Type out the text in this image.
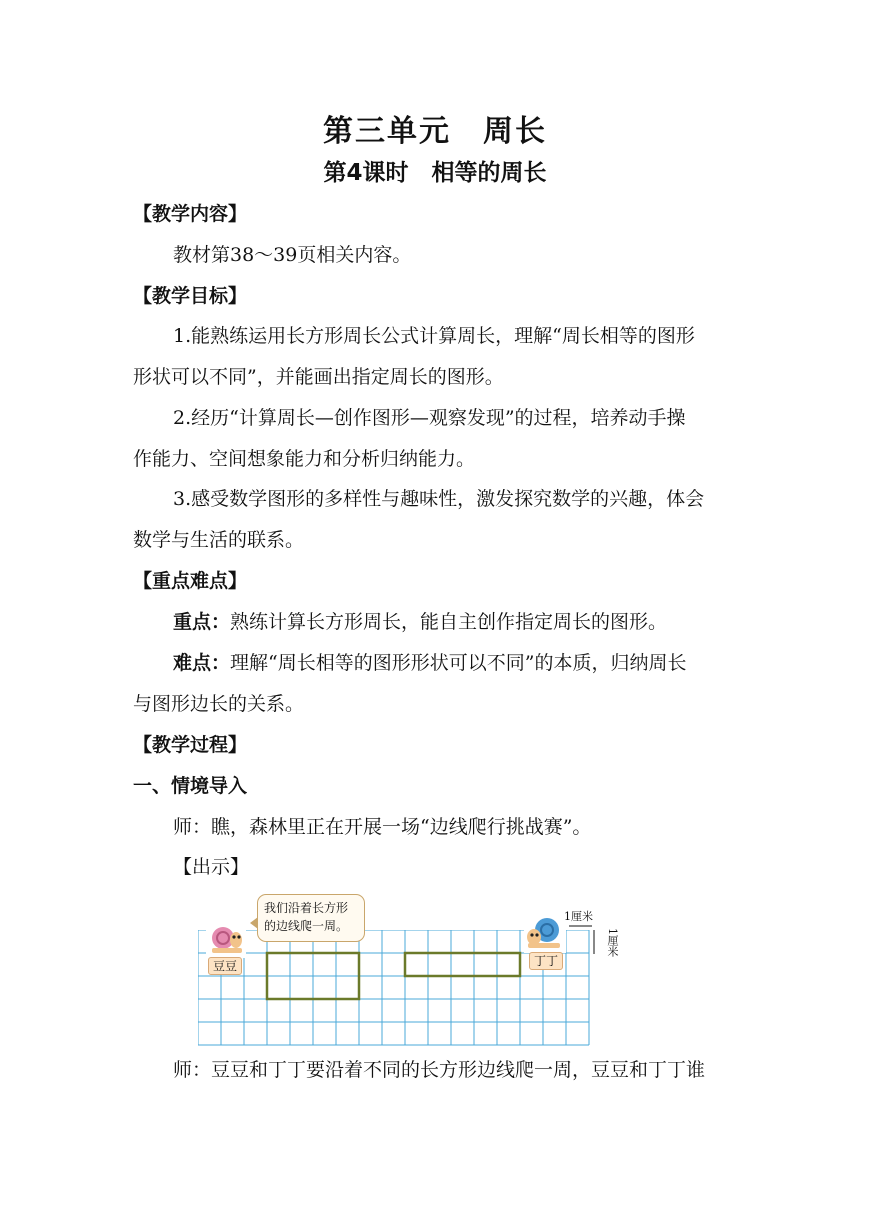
第三单元　周长
第4课时　相等的周长
【教学内容】
教材第38～39页相关内容。
【教学目标】
1.能熟练运用长方形周长公式计算周长，理解“周长相等的图形
形状可以不同”，并能画出指定周长的图形。
2.经历“计算周长—创作图形—观察发现”的过程，培养动手操
作能力、空间想象能力和分析归纳能力。
3.感受数学图形的多样性与趣味性，激发探究数学的兴趣，体会
数学与生活的联系。
【重点难点】
重点：熟练计算长方形周长，能自主创作指定周长的图形。
难点：理解“周长相等的图形形状可以不同”的本质，归纳周长
与图形边长的关系。
【教学过程】
一、情境导入
师：瞧，森林里正在开展一场“边线爬行挑战赛”。
【出示】
豆豆
我们沿着长方形的边线爬一周。
丁丁
1厘米
1厘米
师：豆豆和丁丁要沿着不同的长方形边线爬一周，豆豆和丁丁谁
